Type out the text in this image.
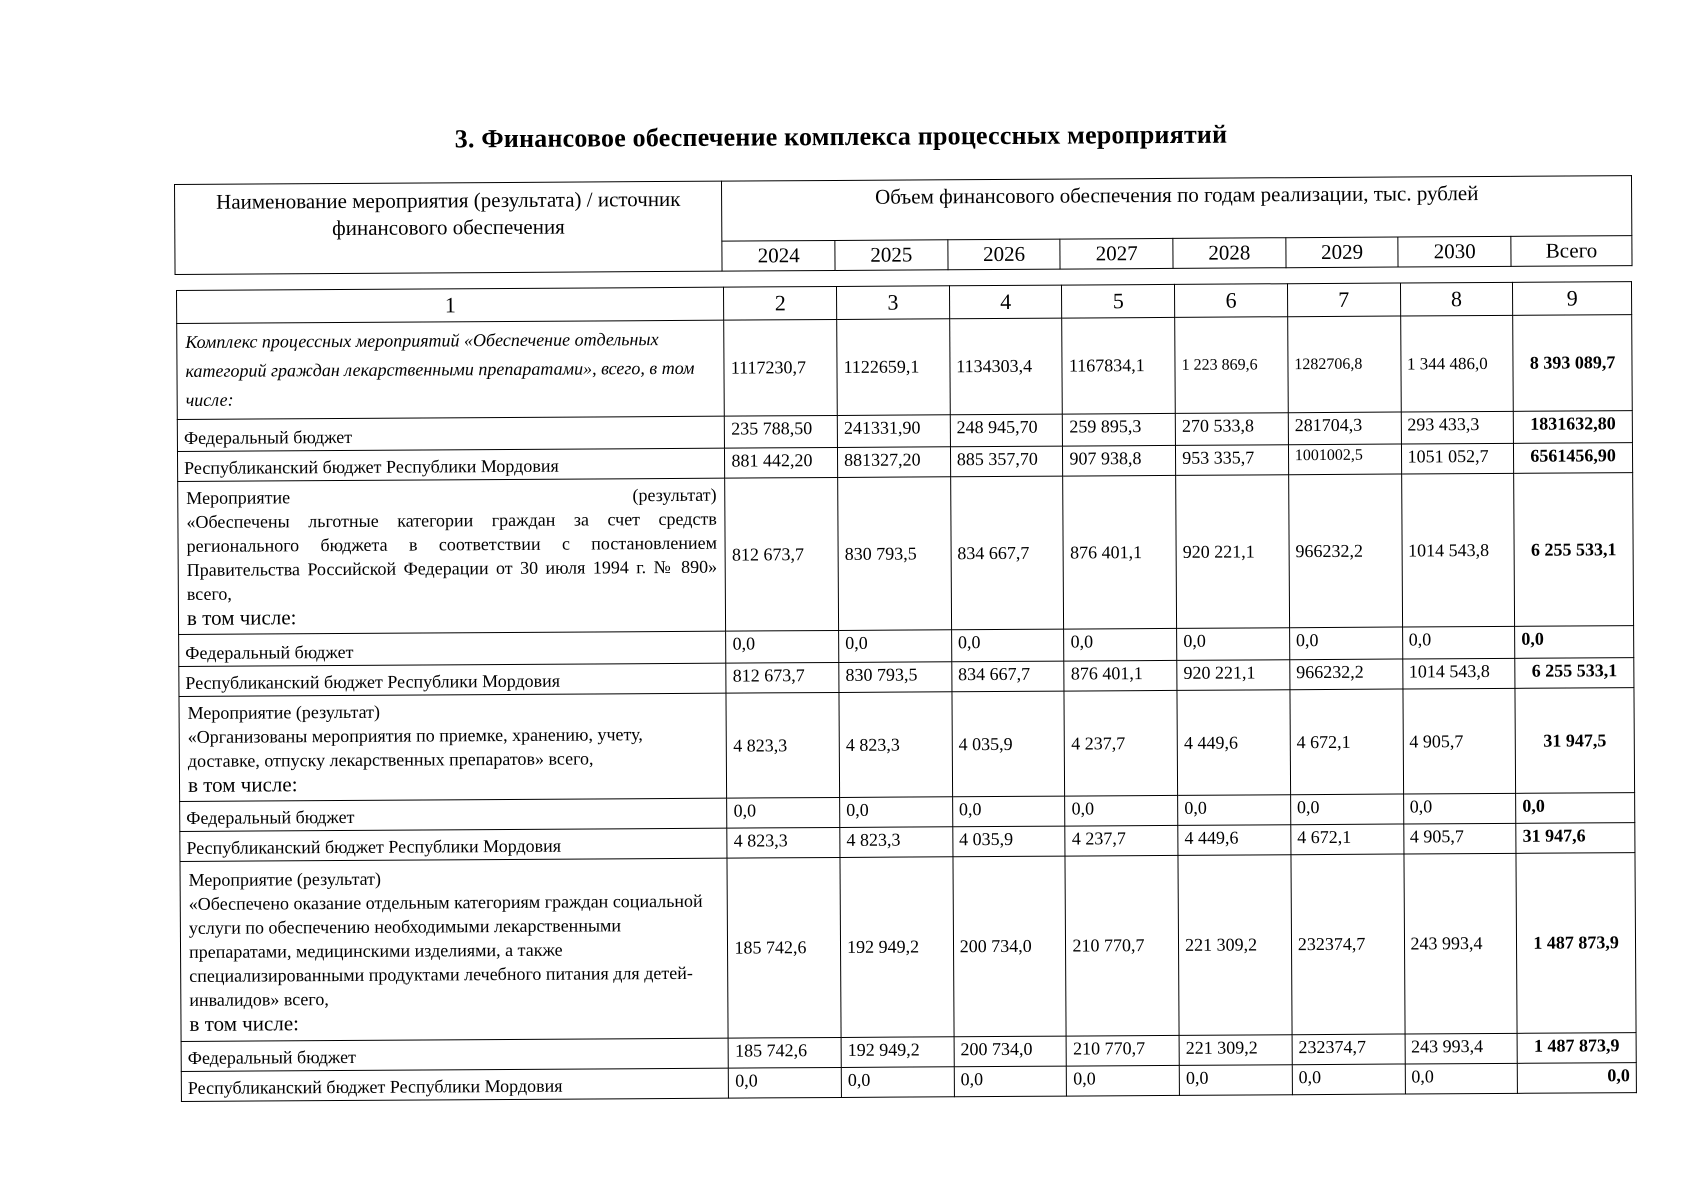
3. Финансовое обеспечение комплекса процессных мероприятий
Наименование мероприятия (результата) / источник финансового обеспечения	Объем финансового обеспечения по годам реализации, тыс. рублей							
	2024	2025	2026	2027	2028	2029	2030	Всего
1	2	3	4	5	6	7	8	9
Комплекс процессных мероприятий «Обеспечение отдельных категорий граждан лекарственными препаратами», всего, в том числе:	1117230,7	1122659,1	1134303,4	1167834,1	1 223 869,6	1282706,8	1 344 486,0	8 393 089,7
Федеральный бюджет	235 788,50	241331,90	248 945,70	259 895,3	270 533,8	281704,3	293 433,3	1831632,80
Республиканский бюджет Республики Мордовия	881 442,20	881327,20	885 357,70	907 938,8	953 335,7	1001002,5	1051 052,7	6561456,90

Мероприятие (результат)
«Обеспечены льготные категории граждан за счет средств регионального бюджета в соответствии с постановлением Правительства Российской Федерации от 30 июля 1994 г. № 890» всего,
в том числе:	812 673,7	830 793,5	834 667,7	876 401,1	920 221,1	966232,2	1014 543,8	6 255 533,1
Федеральный бюджет	0,0	0,0	0,0	0,0	0,0	0,0	0,0	0,0
Республиканский бюджет Республики Мордовия	812 673,7	830 793,5	834 667,7	876 401,1	920 221,1	966232,2	1014 543,8	6 255 533,1

Мероприятие (результат)
«Организованы мероприятия по приемке, хранению, учету, доставке, отпуску лекарственных препаратов» всего,
в том числе:	4 823,3	4 823,3	4 035,9	4 237,7	4 449,6	4 672,1	4 905,7	31 947,5
Федеральный бюджет	0,0	0,0	0,0	0,0	0,0	0,0	0,0	0,0
Республиканский бюджет Республики Мордовия	4 823,3	4 823,3	4 035,9	4 237,7	4 449,6	4 672,1	4 905,7	31 947,6

Мероприятие (результат)
«Обеспечено оказание отдельным категориям граждан социальной услуги по обеспечению необходимыми лекарственными препаратами, медицинскими изделиями, а также специализированными продуктами лечебного питания для детей-инвалидов» всего,
в том числе:	185 742,6	192 949,2	200 734,0	210 770,7	221 309,2	232374,7	243 993,4	1 487 873,9
Федеральный бюджет	185 742,6	192 949,2	200 734,0	210 770,7	221 309,2	232374,7	243 993,4	1 487 873,9
Республиканский бюджет Республики Мордовия	0,0	0,0	0,0	0,0	0,0	0,0	0,0	0,0
